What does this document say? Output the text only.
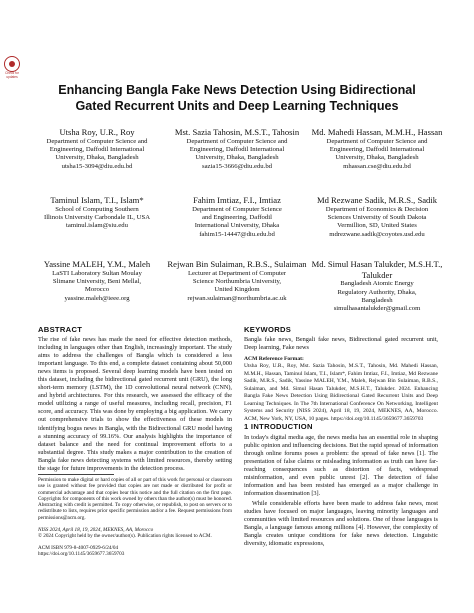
Check for
updates
Enhancing Bangla Fake News Detection Using Bidirectional Gated Recurrent Units and Deep Learning Techniques
Utsha Roy, U.R., Roy
Department of Computer Science and
Engineering, Daffodil International
University, Dhaka, Bangladesh
utsha15-3094@diu.edu.bd
Mst. Sazia Tahosin, M.S.T., Tahosin
Department of Computer Science and
Engineering, Daffodil International
University, Dhaka, Bangladesh
sazia15-3666@diu.edu.bd
Md. Mahedi Hassan, M.M.H., Hassan
Department of Computer Science and
Engineering, Daffodil International
University, Dhaka, Bangladesh
mhassan.cse@diu.edu.bd
Taminul Islam, T.I., Islam*
School of Computing Southern
Illinois University Carbondale IL, USA
taminul.islam@siu.edu
Fahim Imtiaz, F.I., Imtiaz
Department of Computer Science
and Engineering, Daffodil
International University, Dhaka
fahim15-14447@diu.edu.bd
Md Rezwane Sadik, M.R.S., Sadik
Department of Economics & Decision
Sciences University of South Dakota
Vermillion, SD, United States
mdrezwane.sadik@coyotes.usd.edu
Yassine MALEH, Y.M., Maleh
LaSTI Laboratory Sultan Moulay
Slimane University, Beni Mellal,
Morocco
yassine.maleh@ieee.org
Rejwan Bin Sulaiman, R.B.S., Sulaiman
Lecturer at Department of Computer
Science Northumbria University,
United Kingdom
rejwan.sulaiman@northumbria.ac.uk
Md. Simul Hasan Talukder, M.S.H.T., Talukder
Bangladesh Atomic Energy
Regulatory Authority, Dhaka,
Bangladesh
simulhasantalukder@gmail.com
ABSTRACT
The rise of fake news has made the need for effective detection methods, including in languages other than English, increasingly important. The study aims to address the challenges of Bangla which is considered a less important language. To this end, a complete dataset containing about 50,000 news items is proposed. Several deep learning models have been tested on this dataset, including the bidirectional gated recurrent unit (GRU), the long short-term memory (LSTM), the 1D convolutional neural network (CNN), and hybrid architectures. For this research, we assessed the efficacy of the model utilizing a range of useful measures, including recall, precision, F1 score, and accuracy. This was done by employing a big application. We carry out comprehensive trials to show the effectiveness of these models in identifying bogus news in Bangla, with the Bidirectional GRU model having a stunning accuracy of 99.16%. Our analysis highlights the importance of dataset balance and the need for continual improvement efforts to a substantial degree. This study makes a major contribution to the creation of Bangla fake news detecting systems with limited resources, thereby setting the stage for future improvements in the detection process.
Permission to make digital or hard copies of all or part of this work for personal or classroom use is granted without fee provided that copies are not made or distributed for profit or commercial advantage and that copies bear this notice and the full citation on the first page. Copyrights for components of this work owned by others than the author(s) must be honored. Abstracting with credit is permitted. To copy otherwise, or republish, to post on servers or to redistribute to lists, requires prior specific permission and/or a fee. Request permissions from permissions@acm.org.
NISS 2024, April 18, 19, 2024, MEKNES, AA, Morocco
© 2024 Copyright held by the owner/author(s). Publication rights licensed to ACM.
ACM ISBN 979-8-4007-0929-6/24/04
https://doi.org/10.1145/3659677.3659703
KEYWORDS
Bangla fake news, Bengali fake news, Bidirectional gated recurrent unit, Deep learning, Fake news
ACM Reference Format:
Utsha Roy, U.R., Roy, Mst. Sazia Tahosin, M.S.T., Tahosin, Md. Mahedi Hassan, M.M.H., Hassan, Taminul Islam, T.I., Islam*, Fahim Imtiaz, F.I., Imtiaz, Md Rezwane Sadik, M.R.S., Sadik, Yassine MALEH, Y.M., Maleh, Rejwan Bin Sulaiman, R.B.S., Sulaiman, and Md. Simul Hasan Talukder, M.S.H.T., Talukder. 2024. Enhancing Bangla Fake News Detection Using Bidirectional Gated Recurrent Units and Deep Learning Techniques. In The 7th International Conference On Networking, Intelligent Systems and Security (NISS 2024), April 18, 19, 2024, MEKNES, AA, Morocco. ACM, New York, NY, USA, 10 pages. https://doi.org/10.1145/3659677.3659703
1 INTRODUCTION
In today's digital media age, the news media has an essential role in shaping public opinion and influencing decisions. But the rapid spread of information through online forums poses a problem: the spread of fake news [1]. The presentation of false claims or misleading information as truth can have far-reaching consequences such as distortion of facts, widespread misinformation, and even public unrest [2]. The detection of false information and has been resisted has emerged as a major challenge in information dissemination [3].
While considerable efforts have been made to address fake news, most studies have focused on major languages, leaving minority languages and communities with limited resources and solutions. One of those languages is Bangla, a language famous among millions [4]. However, the complexity of Bangla creates unique conditions for fake news detection. Linguistic diversity, idiomatic expressions,
